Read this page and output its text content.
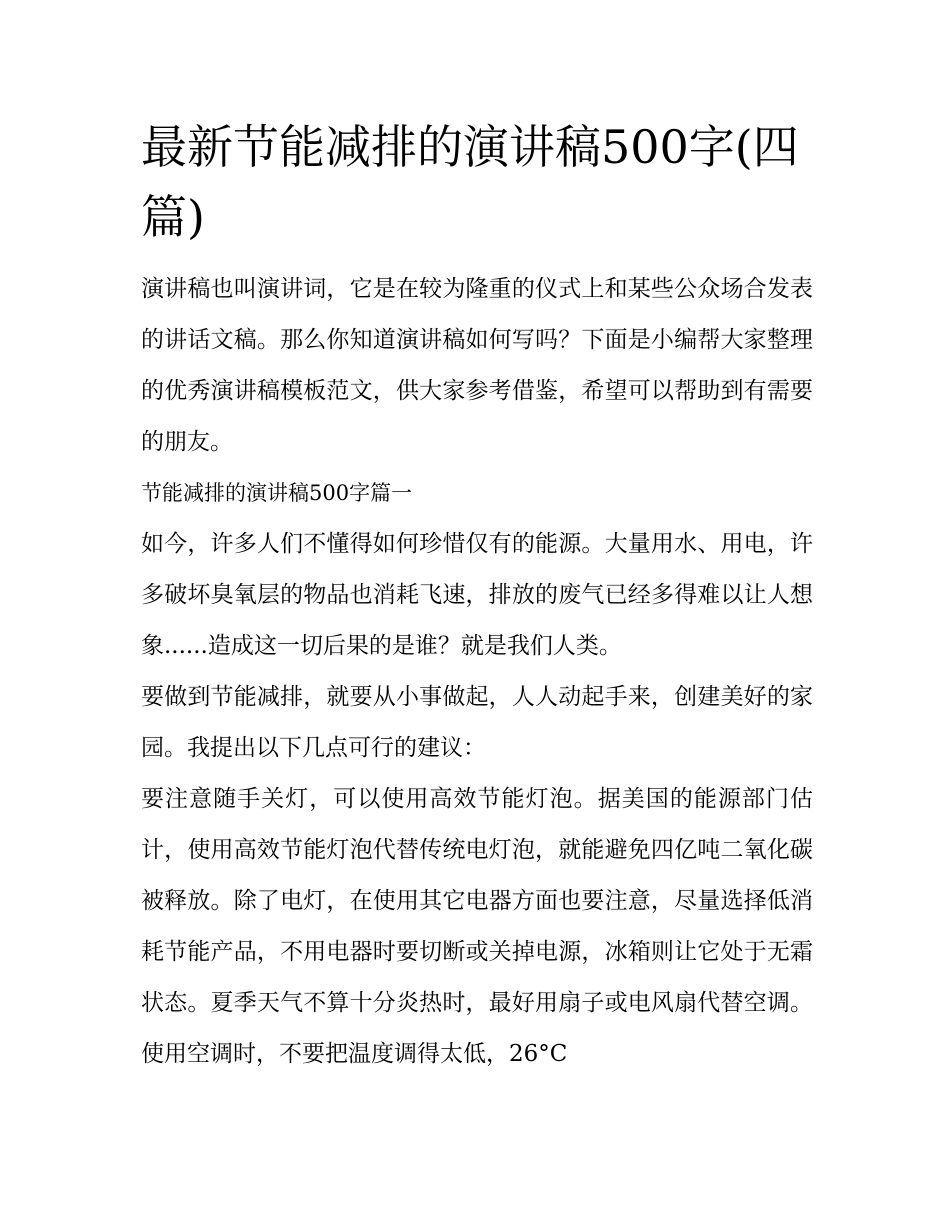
最新节能减排的演讲稿500字(四篇)

演讲稿也叫演讲词，它是在较为隆重的仪式上和某些公众场合发表的讲话文稿。那么你知道演讲稿如何写吗？下面是小编帮大家整理的优秀演讲稿模板范文，供大家参考借鉴，希望可以帮助到有需要的朋友。

节能减排的演讲稿500字篇一

如今，许多人们不懂得如何珍惜仅有的能源。大量用水、用电，许多破坏臭氧层的物品也消耗飞速，排放的废气已经多得难以让人想象......造成这一切后果的是谁？就是我们人类。

要做到节能减排，就要从小事做起，人人动起手来，创建美好的家园。我提出以下几点可行的建议：

要注意随手关灯，可以使用高效节能灯泡。据美国的能源部门估计，使用高效节能灯泡代替传统电灯泡，就能避免四亿吨二氧化碳被释放。除了电灯，在使用其它电器方面也要注意，尽量选择低消耗节能产品，不用电器时要切断或关掉电源，冰箱则让它处于无霜状态。夏季天气不算十分炎热时，最好用扇子或电风扇代替空调。使用空调时，不要把温度调得太低，26°C
